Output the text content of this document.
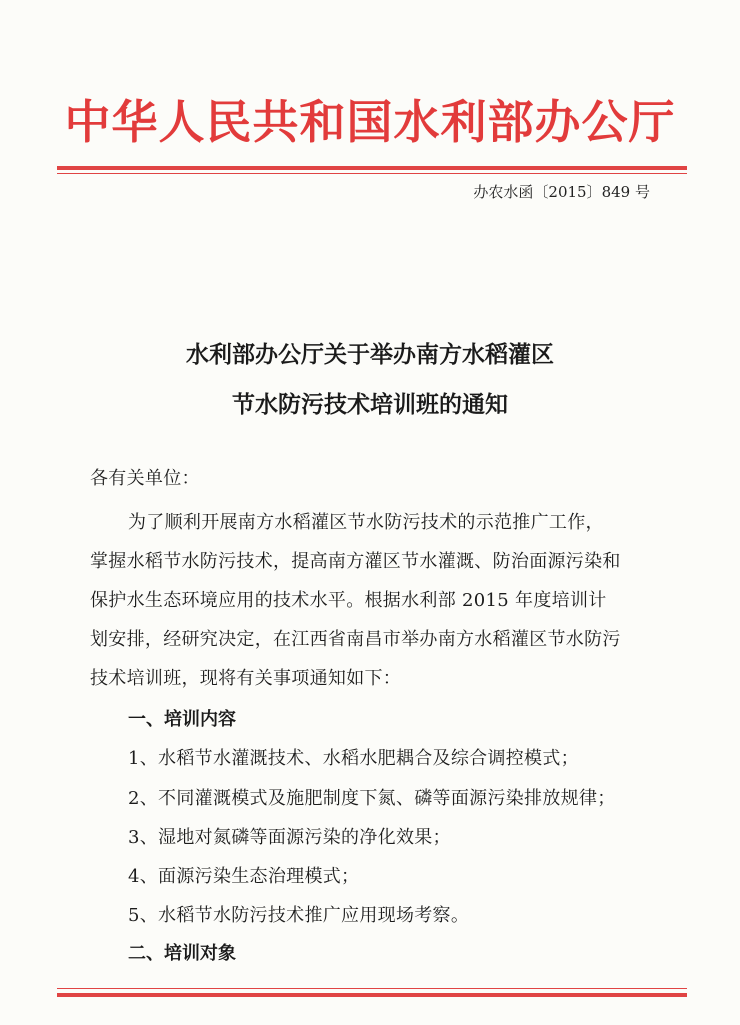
中华人民共和国水利部办公厅
办农水函〔2015〕849 号
水利部办公厅关于举办南方水稻灌区
节水防污技术培训班的通知
各有关单位：
为了顺利开展南方水稻灌区节水防污技术的示范推广工作，
掌握水稻节水防污技术，提高南方灌区节水灌溉、防治面源污染和
保护水生态环境应用的技术水平。根据水利部 2015 年度培训计
划安排，经研究决定，在江西省南昌市举办南方水稻灌区节水防污
技术培训班，现将有关事项通知如下：
一、培训内容
1、水稻节水灌溉技术、水稻水肥耦合及综合调控模式；
2、不同灌溉模式及施肥制度下氮、磷等面源污染排放规律；
3、湿地对氮磷等面源污染的净化效果；
4、面源污染生态治理模式；
5、水稻节水防污技术推广应用现场考察。
二、培训对象
